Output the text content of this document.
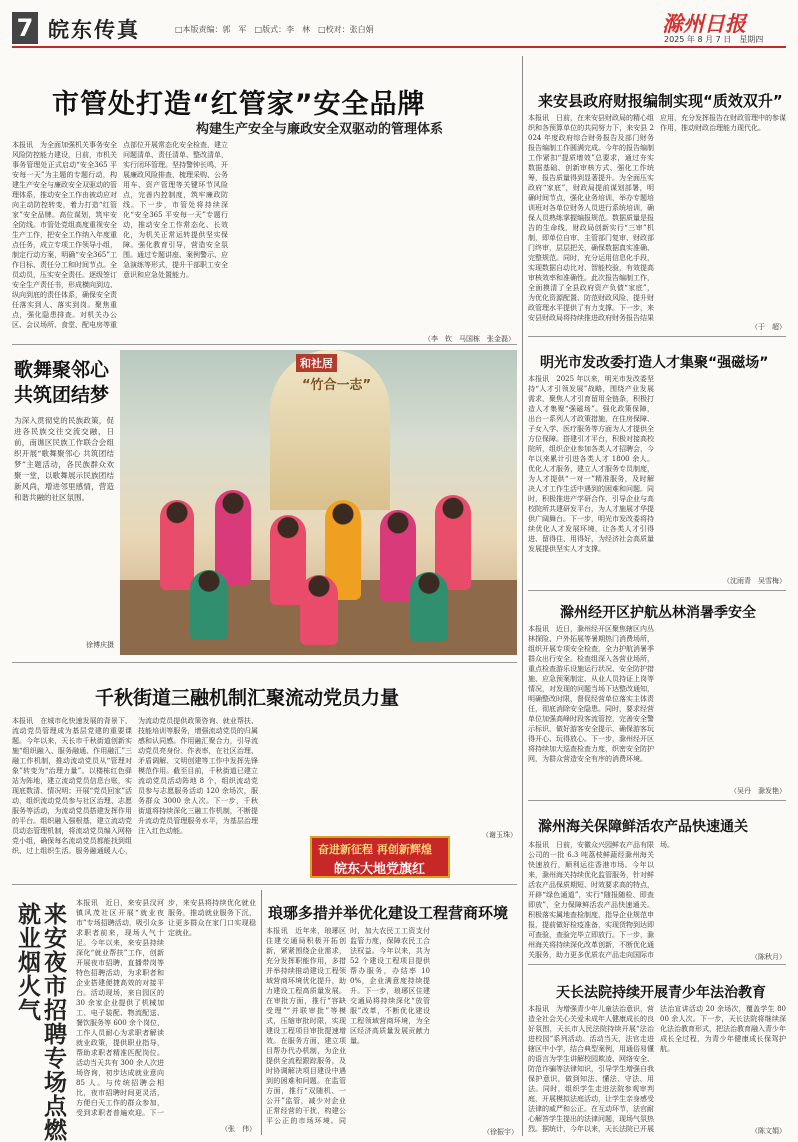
7 皖东传真	□本版责编：郭　军　□版式：李　林　□校对：张白娟	滁州日报
2025 年 8 月 7 日　星期四
市管处打造“红管家”安全品牌
构建生产安全与廉政安全双驱动的管理体系
本报讯　为全面加强机关事务安全风险防控能力建设，日前，市机关事务管理处正式启动“安全365 平安每一天”为主题的专题行动，构建生产安全与廉政安全双驱动的管理体系，推动安全工作由被动应对向主动防控转变，着力打造“红管家”安全品牌。高位谋划，筑牢安全防线。市管处党组高度重视安全生产工作，把安全工作纳入年度重点任务，成立专项工作领导小组，制定行动方案，明确“安全365”工作目标、责任分工和时间节点。全员动员，压实安全责任。逐级签订安全生产责任书，形成横向到边、纵向到底的责任体系，确保安全责任落实到人、落实到岗。聚焦重点，强化隐患排查。对机关办公区、会议场所、食堂、配电房等重
　 点部位开展常态化安全检查，建立问题清单、责任清单、整改清单，实行闭环管理。坚持警钟长鸣，开展廉政风险排查，梳理采购、公务用车、资产管理等关键环节风险点，完善内控制度，筑牢廉政防线。下一步，市管处将持续深化“安全365 平安每一天”专题行动，推动安全工作常态化、长效化，为机关正常运转提供坚实保障。强化教育引导，营造安全氛围。通过专题讲座、案例警示、应急演练等形式，提升干部职工安全意识和应急处置能力。
（李　钦　马国栋　张金磊）
歌舞聚邻心 共筑团结梦
为深入贯彻党的民族政策，促进各民族交往交流交融，日前，南谯区民族工作联合会组织开展“歌舞聚邻心 共筑团结梦”主题活动，各民族群众欢聚一堂，以歌舞展示民族团结新风尚，增进邻里感情，营造和谐共融的社区氛围。
徐博庆摄
“竹合一志”
和社居
千秋街道三融机制汇聚流动党员力量
本报讯　在城市化快速发展的背景下，流动党员管理成为基层党建的重要课题。今年以来，天长市千秋街道创新实施“组织融入、服务融通、作用融汇”三融工作机制，推动流动党员从“管理对象”转变为“治理力量”。以楼栋红色驿站为阵地，建立流动党员信息台账，实现底数清、情况明；开展“党员回家”活动，组织流动党员参与社区治理、志愿服务等活动，为流动党员搭建发挥作用的平台。组织融入强根基，建立流动党员动态管理机制，将流动党员编入网格党小组，确保每名流动党员都能找到组织、过上组织生活。服务融通暖人心，
　为流动党员提供政策咨询、就业帮扶、技能培训等服务，增强流动党员的归属感和认同感。作用融汇聚合力，引导流动党员亮身份、作表率，在社区治理、矛盾调解、文明创建等工作中发挥先锋模范作用。截至目前，千秋街道已建立流动党员活动阵地 8 个，组织流动党员参与志愿服务活动 120 余场次，服务群众 3000 余人次。下一步，千秋街道将持续深化三融工作机制，不断提升流动党员管理服务水平，为基层治理注入红色动能。	（谢玉珠）
奋进新征程 再创新辉煌
皖东大地党旗红
来安夜市招聘专场点燃就业烟火气	本报讯　近日，来安县汊河镇风茂社区开展“就业夜市”专场招聘活动，吸引众多求职者前来，现场人气十足。今年以来，来安县持续深化“就业帮扶”工作，创新开展夜市招聘、直播带岗等特色招聘活动，为求职者和企业搭建便捷高效的对接平台。活动现场，来自园区的 30 余家企业提供了机械加工、电子装配、物流配送、餐饮服务等 600 余个岗位，工作人员耐心为求职者解读就业政策，提供职业指导，帮助求职者精准匹配岗位。活动当天共有 300 余人次进场咨询，初步达成就业意向 85 人。与传统招聘会相比，夜市招聘时间更灵活，方便白天工作的群众参加，受到求职者普遍欢迎。下一
　 步，来安县将持续优化就业服务，推动就业服务下沉，让更多群众在家门口实现稳定就业。
（张　伟）
琅琊多措并举优化建设工程营商环境
本报讯　近年来，琅琊区住建交通局积极开拓创新，紧紧围绕企业需求，充分发挥职能作用，多措并举持续推动建设工程领域营商环境优化提升，助力建设工程高质量发展。在审批方面，推行“容缺受理”“并联审批”等模式，压缩审批时限，实现建设工程项目审批提速增效。在服务方面，建立项目帮办代办机制，为企业提供全流程跟踪服务，及时协调解决项目建设中遇到的困难和问题。在监管方面，推行“双随机、一公开”监管，减少对企业正常经营的干扰，构建公平公正的市场环境。同
　时，加大农民工工资支付监管力度，保障农民工合法权益。今年以来，共为 52 个建设工程项目提供帮办服务，办结率 100%，企业满意度持续提升。下一步，琅琊区住建交通局将持续深化“放管服”改革，不断优化建设工程领域营商环境，为全区经济高质量发展贡献力量。
（徐振宇）
来安县政府财报编制实现“质效双升”
本报讯　日前，在来安县财政局的精心组织和各预算单位的共同努力下，来安县 2024 年度政府综合财务报告及部门财务报告编制工作圆满完成。今年的报告编制工作紧扣“提质增效”总要求，通过夯实数据基础、创新审核方式、强化工作统筹，报告质量得到显著提升。为全面压实政府“家底”，财政局提前谋划部署，明确时间节点，强化业务培训，举办专题培训班对各单位财务人员进行系统培训，确保人员熟练掌握编报规范。数据质量是报告的生命线，财政局创新实行“三审”机制，即单位自审、主管部门复审、财政部门终审，层层把关，确保数据真实准确、完整规范。同时，充分运用信息化手段，实现数据自动比对、智能校验，有效提高审核效率和准确性。此次报告编制工作，全面摸清了全县政府资产负债“家底”，为优化资源配置、防范财政风险、提升财政管理水平提供了有力支撑。下一步，来安县财政局将持续推进政府财务报告结果
　 应用，充分发挥报告在财政管理中的参谋作用，推动财政治理能力现代化。
（于　超）
明光市发改委打造人才集聚“强磁场”
本报讯　2025 年以来，明光市发改委坚持“人才引领发展”战略，围绕产业发展需求，聚焦人才引育留用全链条，积极打造人才集聚“强磁场”。强化政策保障，出台一系列人才政策措施，在住房保障、子女入学、医疗服务等方面为人才提供全方位保障。搭建引才平台，积极对接高校院所，组织企业参加各类人才招聘会，今年以来累计引进各类人才 1800 余人。优化人才服务，建立人才服务专员制度，为人才提供“一对一”精准服务，及时解决人才工作生活中遇到的困难和问题。同时，积极推进产学研合作，引导企业与高校院所共建研发平台，为人才施展才华提供广阔舞台。下一步，明光市发改委将持续优化人才发展环境，让各类人才引得进、留得住、用得好，为经济社会高质量发展提供坚实人才支撑。
（沈雨青　吴雪梅）
滁州经开区护航丛林消暑季安全
本报讯　近日，滁州经开区聚焦辖区内丛林探险、户外拓展等暑期热门消费场所，组织开展专项安全检查，全力护航消暑季群众出行安全。检查组深入各营业场所，重点检查游乐设施运行状况、安全防护措施、应急预案制定、从业人员持证上岗等情况，对发现的问题当场下达整改通知，明确整改时限，督促经营单位落实主体责任，彻底消除安全隐患。同时，要求经营单位加强高峰时段客流管控，完善安全警示标识，做好游客安全提示，确保游客玩得开心、玩得放心。下一步，滁州经开区将持续加大巡查检查力度，织密安全防护网，为群众营造安全有序的消费环境。
（吴丹　滁发艳）
滁州海关保障鲜活农产品快速通关
本报讯　日前，安徽众兴园鲜农产品有限公司的一批 6.3 吨荔枝鲜蔬经滁州海关快速放行，顺利运往香港市场。今年以来，滁州海关持续优化监管服务，针对鲜活农产品保质期短、时效要求高的特点，开辟“绿色通道”，实行“随报随检、即查即放”，全力保障鲜活农产品快速通关。积极落实属地查检制度，指导企业规范申报，提前做好检疫准备，实现货物到达即可查验，查验完毕立即放行。下一步，滁州海关将持续深化改革创新，不断优化通关服务，助力更多优质农产品走向国际市
　 场。
（陈秋月）
天长法院持续开展青少年法治教育
本报讯　为增强青少年儿童法治意识，营造全社会关心关爱未成年人健康成长的良好氛围，天长市人民法院持续开展“法治进校园”系列活动。活动当天，法官走进辖区中小学，结合典型案例，用通俗易懂的语言为学生讲解校园欺凌、网络安全、防范诈骗等法律知识，引导学生增强自我保护意识，做到知法、懂法、守法、用法。同时，组织学生走进法院参观审判庭，开展模拟法庭活动，让学生亲身感受法律的威严和公正。在互动环节，法官耐心解答学生提出的法律问题，现场气氛热烈。据统计，今年以来，天长法院已开展
　法治宣讲活动 20 余场次，覆盖学生 8000 余人次。下一步，天长法院将继续深化法治教育形式，把法治教育融入青少年成长全过程，为青少年健康成长保驾护航。
（陈文娟）
